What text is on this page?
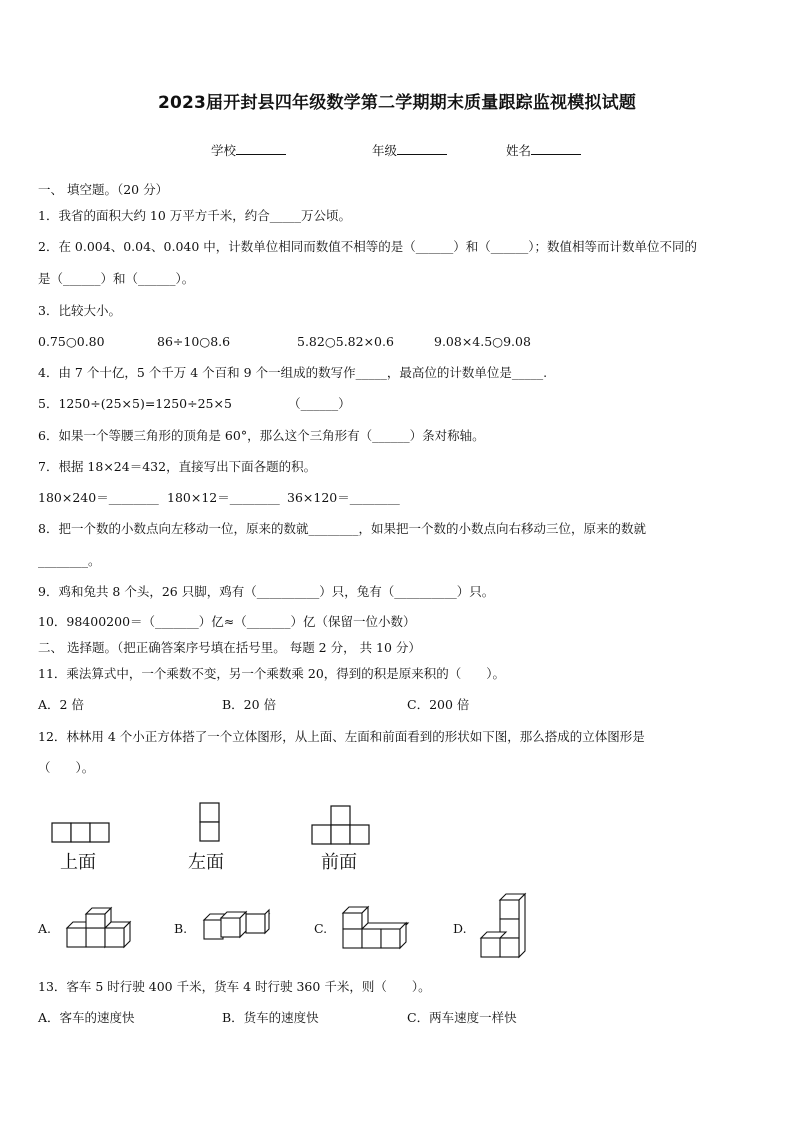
2023届开封县四年级数学第二学期期末质量跟踪监视模拟试题
学校	年级	姓名
一、 填空题。（20 分）
1．我省的面积大约 10 万平方千米，约合_____万公顷。
2．在 0.004、0.04、0.040 中，计数单位相同而数值不相等的是（______）和（______）；数值相等而计数单位不同的
是（______）和（______）。
3．比较大小。
0.75○0.80	86÷10○8.6	5.82○5.82×0.6	9.08×4.5○9.08
4．由 7 个十亿，5 个千万 4 个百和 9 个一组成的数写作_____，最高位的计数单位是_____.
5．1250÷(25×5)=1250÷25×5　　　　　（______）
6．如果一个等腰三角形的顶角是 60°，那么这个三角形有（______）条对称轴。
7．根据 18×24＝432，直接写出下面各题的积。
180×240＝________ 180×12＝________ 36×120＝________
8．把一个数的小数点向左移动一位，原来的数就________，如果把一个数的小数点向右移动三位，原来的数就
________。
9．鸡和兔共 8 个头，26 只脚，鸡有（__________）只，兔有（__________）只。
10．98400200＝（_______）亿≈（_______）亿（保留一位小数）
二、 选择题。（把正确答案序号填在括号里。 每题 2 分， 共 10 分）
11．乘法算式中，一个乘数不变，另一个乘数乘 20，得到的积是原来积的（　　）。
A．2 倍	B．20 倍	C．200 倍
12．林林用 4 个小正方体搭了一个立体图形，从上面、左面和前面看到的形状如下图，那么搭成的立体图形是
（　　）。
上面	左面	前面
A.	B.	C.	D.
13．客车 5 时行驶 400 千米，货车 4 时行驶 360 千米，则（　　）。
A．客车的速度快	B．货车的速度快	C．两车速度一样快
